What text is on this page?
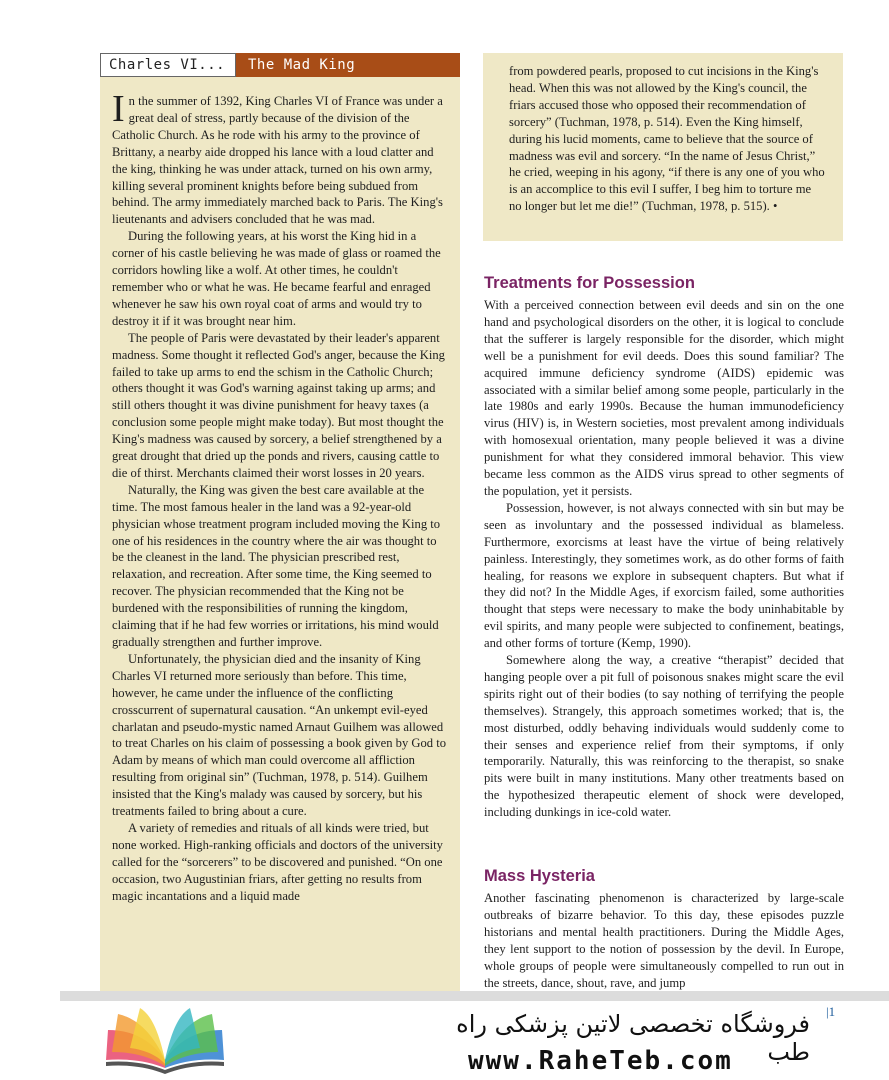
Charles VI...	The Mad King

In the summer of 1392, King Charles VI of France was under a great deal of stress, partly because of the division of the Catholic Church. As he rode with his army to the province of Brittany, a nearby aide dropped his lance with a loud clatter and the king, thinking he was under attack, turned on his own army, killing several prominent knights before being subdued from behind. The army immediately marched back to Paris. The King's lieutenants and advisers concluded that he was mad.

During the following years, at his worst the King hid in a corner of his castle believing he was made of glass or roamed the corridors howling like a wolf. At other times, he couldn't remember who or what he was. He became fearful and enraged whenever he saw his own royal coat of arms and would try to destroy it if it was brought near him.

The people of Paris were devastated by their leader's apparent madness. Some thought it reflected God's anger, because the King failed to take up arms to end the schism in the Catholic Church; others thought it was God's warning against taking up arms; and still others thought it was divine punishment for heavy taxes (a conclusion some people might make today). But most thought the King's madness was caused by sorcery, a belief strengthened by a great drought that dried up the ponds and rivers, causing cattle to die of thirst. Merchants claimed their worst losses in 20 years.

Naturally, the King was given the best care available at the time. The most famous healer in the land was a 92-year-old physician whose treatment program included moving the King to one of his residences in the country where the air was thought to be the cleanest in the land. The physician prescribed rest, relaxation, and recreation. After some time, the King seemed to recover. The physician recommended that the King not be burdened with the responsibilities of running the kingdom, claiming that if he had few worries or irritations, his mind would gradually strengthen and further improve.

Unfortunately, the physician died and the insanity of King Charles VI returned more seriously than before. This time, however, he came under the influence of the conflicting crosscurrent of supernatural causation. “An unkempt evil-eyed charlatan and pseudo-mystic named Arnaut Guilhem was allowed to treat Charles on his claim of possessing a book given by God to Adam by means of which man could overcome all affliction resulting from original sin” (Tuchman, 1978, p. 514). Guilhem insisted that the King's malady was caused by sorcery, but his treatments failed to bring about a cure.

A variety of remedies and rituals of all kinds were tried, but none worked. High-ranking officials and doctors of the university called for the “sorcerers” to be discovered and punished. “On one occasion, two Augustinian friars, after getting no results from magic incantations and a liquid made

from powdered pearls, proposed to cut incisions in the King's head. When this was not allowed by the King's council, the friars accused those who opposed their recommendation of sorcery” (Tuchman, 1978, p. 514). Even the King himself, during his lucid moments, came to believe that the source of madness was evil and sorcery. “In the name of Jesus Christ,” he cried, weeping in his agony, “if there is any one of you who is an accomplice to this evil I suffer, I beg him to torture me no longer but let me die!” (Tuchman, 1978, p. 515). •

Treatments for Possession

With a perceived connection between evil deeds and sin on the one hand and psychological disorders on the other, it is logical to conclude that the sufferer is largely responsible for the disorder, which might well be a punishment for evil deeds. Does this sound familiar? The acquired immune deficiency syndrome (AIDS) epidemic was associated with a similar belief among some people, particularly in the late 1980s and early 1990s. Because the human immunodeficiency virus (HIV) is, in Western societies, most prevalent among individuals with homosexual orientation, many people believed it was a divine punishment for what they considered immoral behavior. This view became less common as the AIDS virus spread to other segments of the population, yet it persists.

Possession, however, is not always connected with sin but may be seen as involuntary and the possessed individual as blameless. Furthermore, exorcisms at least have the virtue of being relatively painless. Interestingly, they sometimes work, as do other forms of faith healing, for reasons we explore in subsequent chapters. But what if they did not? In the Middle Ages, if exorcism failed, some authorities thought that steps were necessary to make the body uninhabitable by evil spirits, and many people were subjected to confinement, beatings, and other forms of torture (Kemp, 1990).

Somewhere along the way, a creative “therapist” decided that hanging people over a pit full of poisonous snakes might scare the evil spirits right out of their bodies (to say nothing of terrifying the people themselves). Strangely, this approach sometimes worked; that is, the most disturbed, oddly behaving individuals would suddenly come to their senses and experience relief from their symptoms, if only temporarily. Naturally, this was reinforcing to the therapist, so snake pits were built in many institutions. Many other treatments based on the hypothesized therapeutic element of shock were developed, including dunkings in ice-cold water.

Mass Hysteria

Another fascinating phenomenon is characterized by large-scale outbreaks of bizarre behavior. To this day, these episodes puzzle historians and mental health practitioners. During the Middle Ages, they lent support to the notion of possession by the devil. In Europe, whole groups of people were simultaneously compelled to run out in the streets, dance, shout, rave, and jump

|1
فروشگاه تخصصی لاتین پزشکی راه طب
www.RaheTeb.com
